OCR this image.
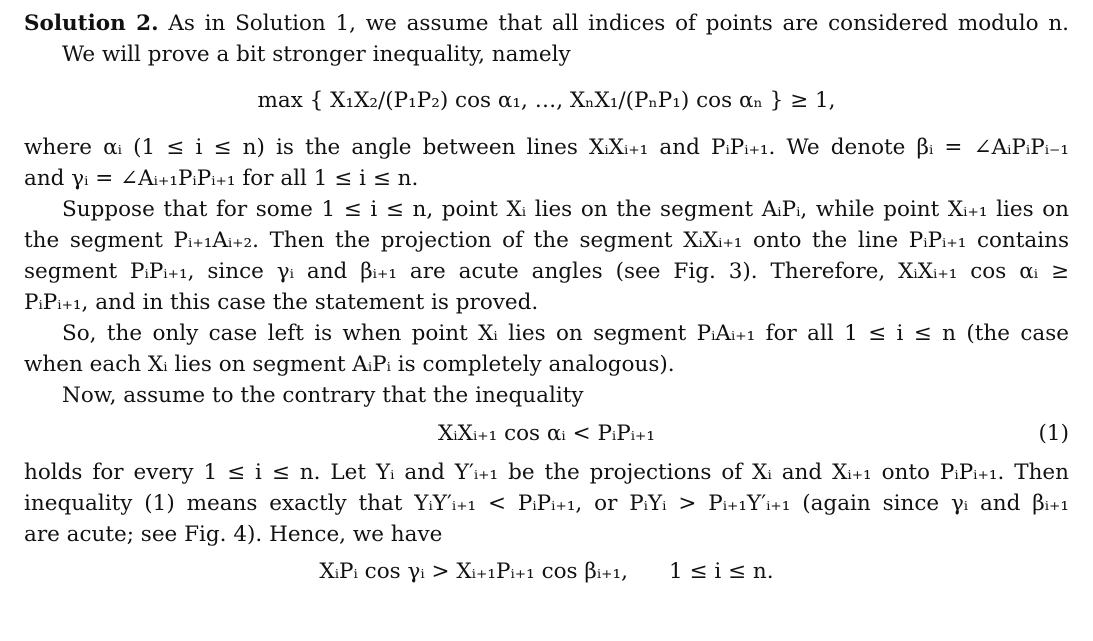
Solution 2. As in Solution 1, we assume that all indices of points are considered modulo n.
We will prove a bit stronger inequality, namely
max { X₁X₂/(P₁P₂) cos α₁, …, XₙX₁/(PₙP₁) cos αₙ } ≥ 1,
where αᵢ (1 ≤ i ≤ n) is the angle between lines XᵢXᵢ₊₁ and PᵢPᵢ₊₁. We denote βᵢ = ∠AᵢPᵢPᵢ₋₁
and γᵢ = ∠Aᵢ₊₁PᵢPᵢ₊₁ for all 1 ≤ i ≤ n.
Suppose that for some 1 ≤ i ≤ n, point Xᵢ lies on the segment AᵢPᵢ, while point Xᵢ₊₁ lies on
the segment Pᵢ₊₁Aᵢ₊₂. Then the projection of the segment XᵢXᵢ₊₁ onto the line PᵢPᵢ₊₁ contains
segment PᵢPᵢ₊₁, since γᵢ and βᵢ₊₁ are acute angles (see Fig. 3). Therefore, XᵢXᵢ₊₁ cos αᵢ ≥
PᵢPᵢ₊₁, and in this case the statement is proved.
So, the only case left is when point Xᵢ lies on segment PᵢAᵢ₊₁ for all 1 ≤ i ≤ n (the case
when each Xᵢ lies on segment AᵢPᵢ is completely analogous).
Now, assume to the contrary that the inequality
XᵢXᵢ₊₁ cos αᵢ < PᵢPᵢ₊₁	(1)
holds for every 1 ≤ i ≤ n. Let Yᵢ and Y′ᵢ₊₁ be the projections of Xᵢ and Xᵢ₊₁ onto PᵢPᵢ₊₁. Then
inequality (1) means exactly that YᵢY′ᵢ₊₁ < PᵢPᵢ₊₁, or PᵢYᵢ > Pᵢ₊₁Y′ᵢ₊₁ (again since γᵢ and βᵢ₊₁
are acute; see Fig. 4). Hence, we have
XᵢPᵢ cos γᵢ > Xᵢ₊₁Pᵢ₊₁ cos βᵢ₊₁,      1 ≤ i ≤ n.
